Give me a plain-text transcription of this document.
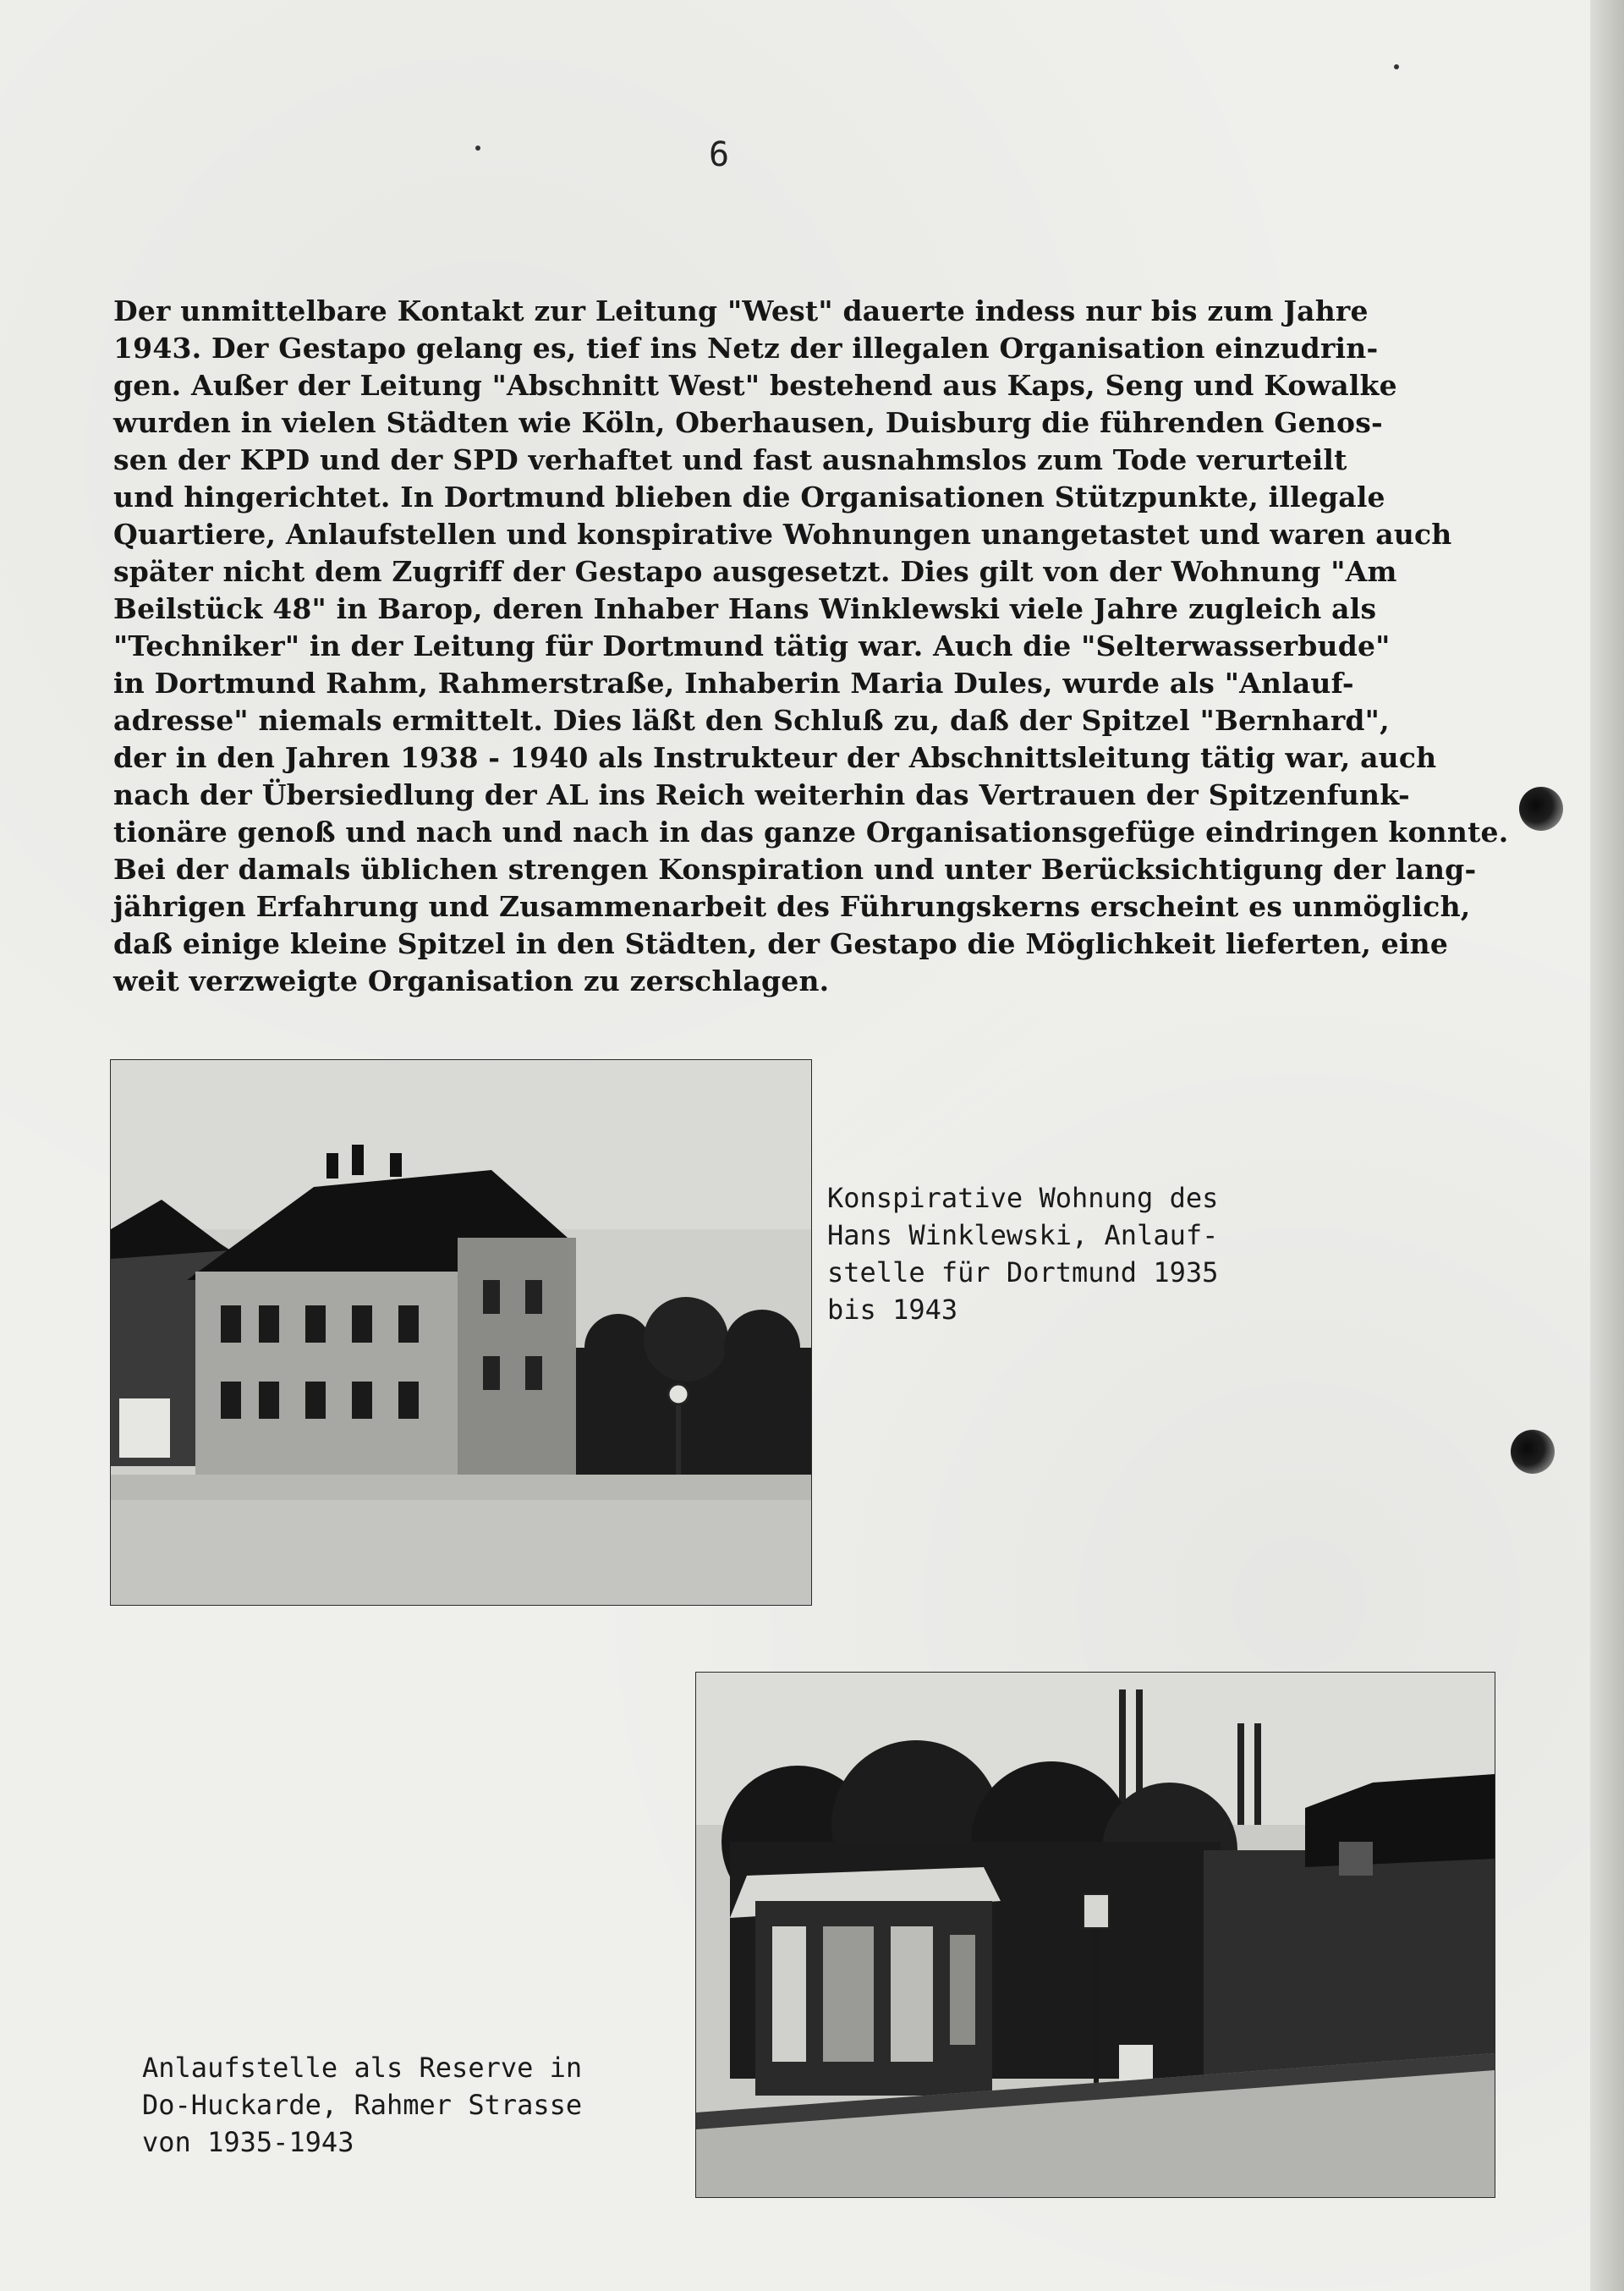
6
Der unmittelbare Kontakt zur Leitung "West" dauerte indess nur bis zum Jahre
1943. Der Gestapo gelang es, tief ins Netz der illegalen Organisation einzudrin-
gen. Außer der Leitung "Abschnitt West" bestehend aus Kaps, Seng und Kowalke
wurden in vielen Städten wie Köln, Oberhausen, Duisburg die führenden Genos-
sen der KPD und der SPD verhaftet und fast ausnahmslos zum Tode verurteilt
und hingerichtet. In Dortmund blieben die Organisationen Stützpunkte, illegale
Quartiere, Anlaufstellen und konspirative Wohnungen unangetastet und waren auch
später nicht dem Zugriff der Gestapo ausgesetzt. Dies gilt von der Wohnung "Am
Beilstück 48" in Barop, deren Inhaber Hans Winklewski viele Jahre zugleich als
"Techniker" in der Leitung für Dortmund tätig war. Auch die "Selterwasserbude"
in Dortmund Rahm, Rahmerstraße, Inhaberin Maria Dules, wurde als "Anlauf-
adresse" niemals ermittelt. Dies läßt den Schluß zu, daß der Spitzel "Bernhard",
der in den Jahren 1938 - 1940 als Instrukteur der Abschnittsleitung tätig war, auch
nach der Übersiedlung der AL ins Reich weiterhin das Vertrauen der Spitzenfunk-
tionäre genoß und nach und nach in das ganze Organisationsgefüge eindringen konnte.
Bei der damals üblichen strengen Konspiration und unter Berücksichtigung der lang-
jährigen Erfahrung und Zusammenarbeit des Führungskerns erscheint es unmöglich,
daß einige kleine Spitzel in den Städten, der Gestapo die Möglichkeit lieferten, eine
weit verzweigte Organisation zu zerschlagen.
Konspirative Wohnung des
Hans Winklewski, Anlauf-
stelle für Dortmund 1935
bis 1943
Anlaufstelle als Reserve in
Do-Huckarde, Rahmer Strasse
von 1935-1943
